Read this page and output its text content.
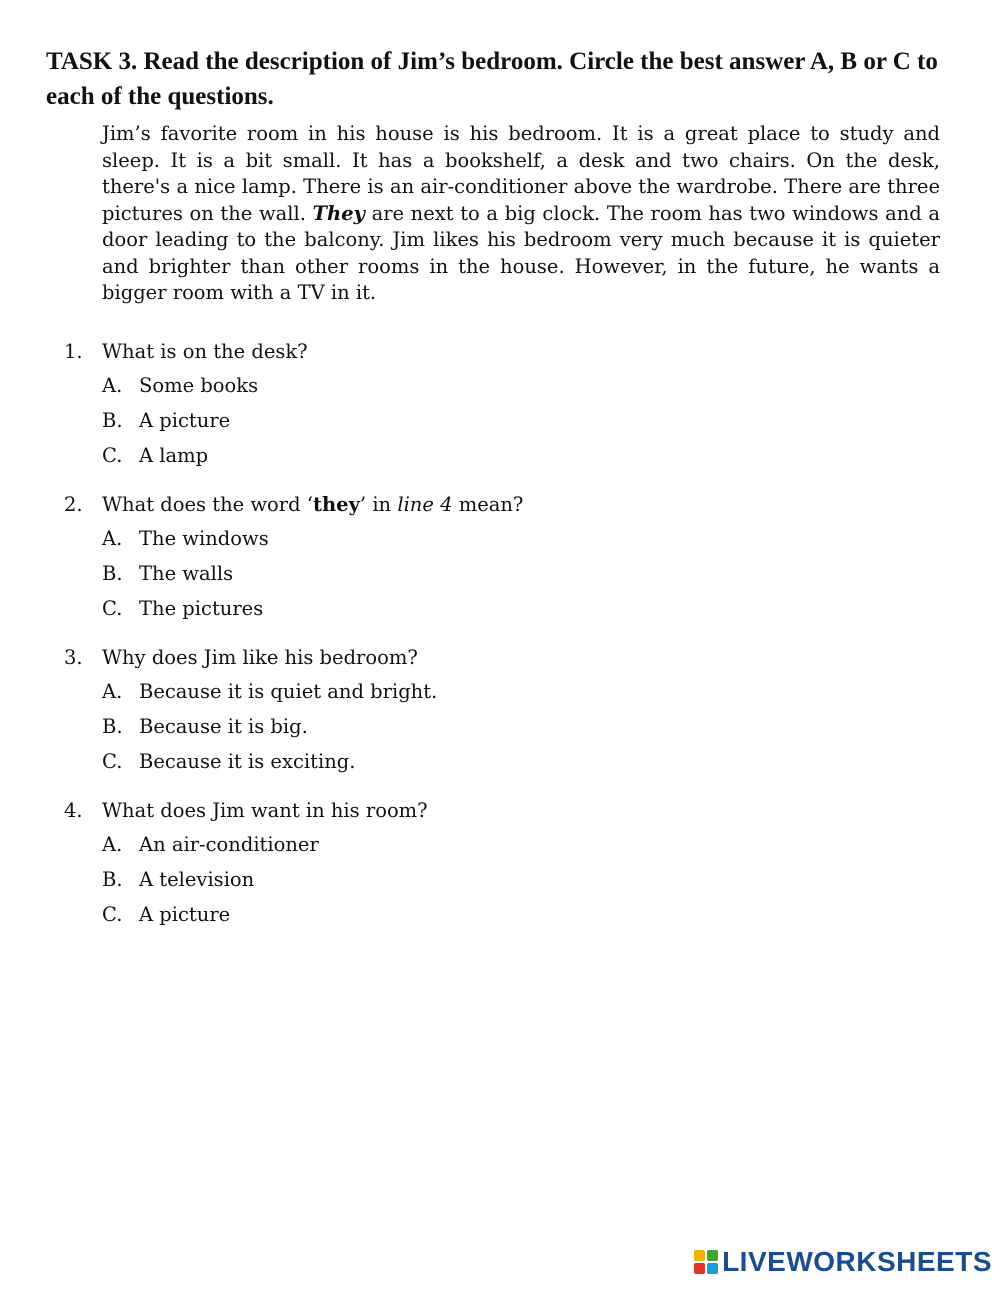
TASK 3. Read the description of Jim’s bedroom. Circle the best answer A, B or C to each of the questions.

Jim’s favorite room in his house is his bedroom. It is a great place to study and sleep. It is a bit small. It has a bookshelf, a desk and two chairs. On the desk, there's a nice lamp. There is an air-conditioner above the wardrobe. There are three pictures on the wall. They are next to a big clock. The room has two windows and a door leading to the balcony. Jim likes his bedroom very much because it is quieter and brighter than other rooms in the house. However, in the future, he wants a bigger room with a TV in it.

1. What is on the desk?
A. Some books
B. A picture
C. A lamp
2. What does the word ‘they’ in line 4 mean?
A. The windows
B. The walls
C. The pictures
3. Why does Jim like his bedroom?
A. Because it is quiet and bright.
B. Because it is big.
C. Because it is exciting.
4. What does Jim want in his room?
A. An air-conditioner
B. A television
C. A picture
LIVEWORKSHEETS
